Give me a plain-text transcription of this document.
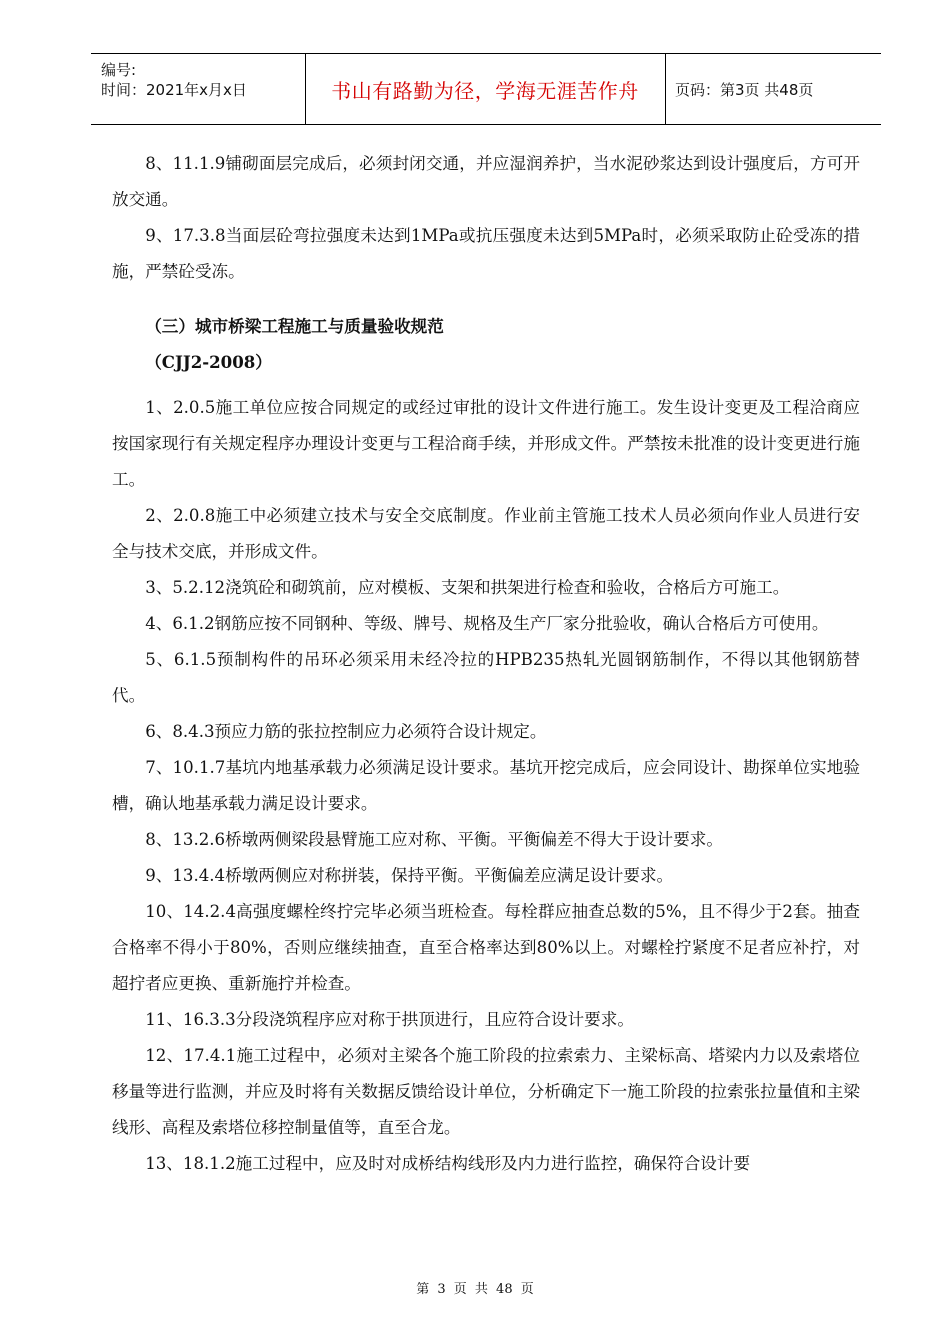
编号:
时间：2021年x月x日	书山有路勤为径，学海无涯苦作舟	页码：第3页 共48页

8、11.1.9铺砌面层完成后，必须封闭交通，并应湿润养护，当水泥砂浆达到设计强度后，方可开放交通。

9、17.3.8当面层砼弯拉强度未达到1MPa或抗压强度未达到5MPa时，必须采取防止砼受冻的措施，严禁砼受冻。

（三）城市桥梁工程施工与质量验收规范

（CJJ2-2008）

1、2.0.5施工单位应按合同规定的或经过审批的设计文件进行施工。发生设计变更及工程洽商应按国家现行有关规定程序办理设计变更与工程洽商手续，并形成文件。严禁按未批准的设计变更进行施工。

2、2.0.8施工中必须建立技术与安全交底制度。作业前主管施工技术人员必须向作业人员进行安全与技术交底，并形成文件。

3、5.2.12浇筑砼和砌筑前，应对模板、支架和拱架进行检查和验收，合格后方可施工。

4、6.1.2钢筋应按不同钢种、等级、牌号、规格及生产厂家分批验收，确认合格后方可使用。

5、6.1.5预制构件的吊环必须采用未经冷拉的HPB235热轧光圆钢筋制作，不得以其他钢筋替代。

6、8.4.3预应力筋的张拉控制应力必须符合设计规定。

7、10.1.7基坑内地基承载力必须满足设计要求。基坑开挖完成后，应会同设计、勘探单位实地验槽，确认地基承载力满足设计要求。

8、13.2.6桥墩两侧梁段悬臂施工应对称、平衡。平衡偏差不得大于设计要求。

9、13.4.4桥墩两侧应对称拼装，保持平衡。平衡偏差应满足设计要求。

10、14.2.4高强度螺栓终拧完毕必须当班检查。每栓群应抽查总数的5%，且不得少于2套。抽查合格率不得小于80%，否则应继续抽查，直至合格率达到80%以上。对螺栓拧紧度不足者应补拧，对超拧者应更换、重新施拧并检查。

11、16.3.3分段浇筑程序应对称于拱顶进行，且应符合设计要求。

12、17.4.1施工过程中，必须对主梁各个施工阶段的拉索索力、主梁标高、塔梁内力以及索塔位移量等进行监测，并应及时将有关数据反馈给设计单位，分析确定下一施工阶段的拉索张拉量值和主梁线形、高程及索塔位移控制量值等，直至合龙。

13、18.1.2施工过程中，应及时对成桥结构线形及内力进行监控，确保符合设计要

第 3 页 共 48 页
